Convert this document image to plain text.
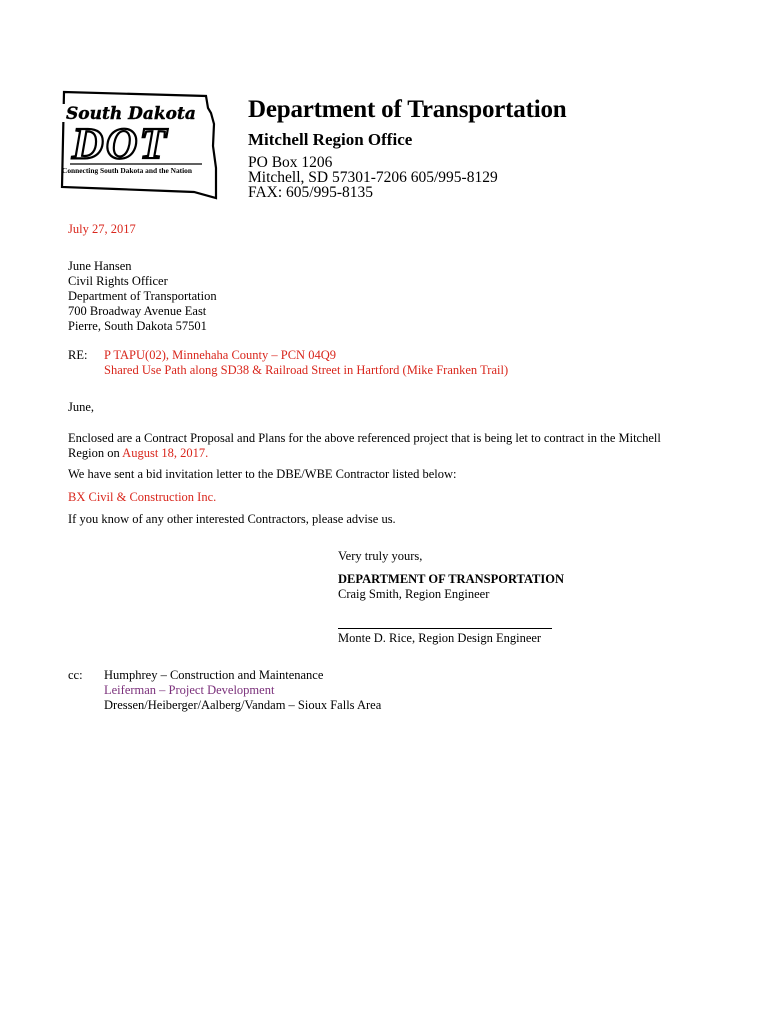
South Dakota
DOT
Connecting South Dakota and the Nation
Department of Transportation
Mitchell Region Office
PO Box 1206
Mitchell, SD 57301-7206 605/995-8129
FAX: 605/995-8135
July 27, 2017
June Hansen
Civil Rights Officer
Department of Transportation
700 Broadway Avenue East
Pierre, South Dakota 57501
RE: P TAPU(02), Minnehaha County – PCN 04Q9
Shared Use Path along SD38 & Railroad Street in Hartford (Mike Franken Trail)
June,
Enclosed are a Contract Proposal and Plans for the above referenced project that is being let to contract in the Mitchell
Region on August 18, 2017.
We have sent a bid invitation letter to the DBE/WBE Contractor listed below:
BX Civil & Construction Inc.
If you know of any other interested Contractors, please advise us.
Very truly yours,
DEPARTMENT OF TRANSPORTATION
Craig Smith, Region Engineer
Monte D. Rice, Region Design Engineer
cc: Humphrey – Construction and Maintenance
Leiferman – Project Development
Dressen/Heiberger/Aalberg/Vandam – Sioux Falls Area
